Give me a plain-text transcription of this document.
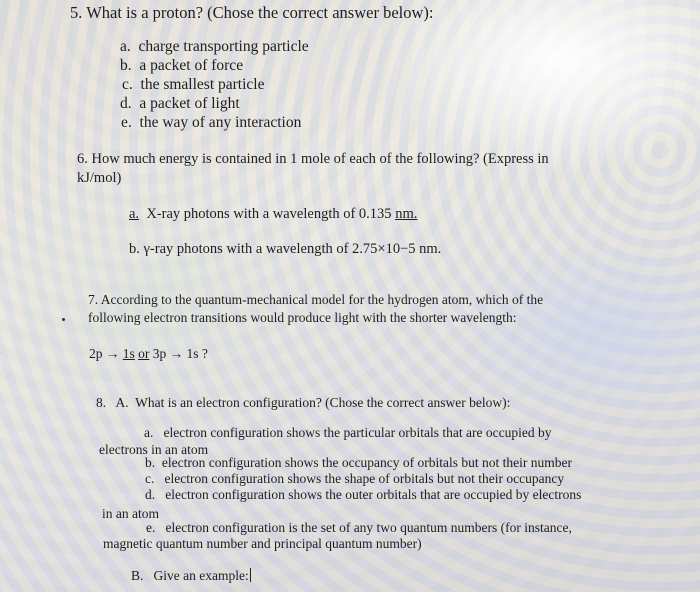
5. What is a proton? (Chose the correct answer below):
a. charge transporting particle
b. a packet of force
c. the smallest particle
d. a packet of light
e. the way of any interaction
6. How much energy is contained in 1 mole of each of the following? (Express in
kJ/mol)
a. X-ray photons with a wavelength of 0.135 nm.
b. γ-ray photons with a wavelength of 2.75×10−5 nm.
7. According to the quantum-mechanical model for the hydrogen atom, which of the
following electron transitions would produce light with the shorter wavelength:
2p → 1s or 3p → 1s ?
8.   A.  What is an electron configuration? (Chose the correct answer below):
a. electron configuration shows the particular orbitals that are occupied by
electrons in an atom
b. electron configuration shows the occupancy of orbitals but not their number
c. electron configuration shows the shape of orbitals but not their occupancy
d. electron configuration shows the outer orbitals that are occupied by electrons
in an atom
e. electron configuration is the set of any two quantum numbers (for instance,
magnetic quantum number and principal quantum number)
B. Give an example:
